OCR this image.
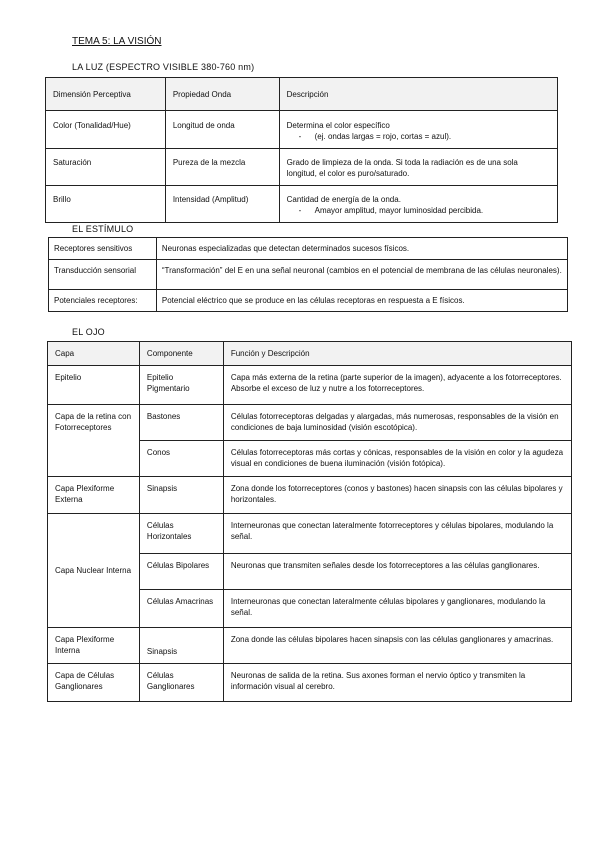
TEMA 5: LA VISIÓN
LA LUZ (ESPECTRO VISIBLE 380-760 nm)
Dimensión Perceptiva	Propiedad Onda	Descripción
Color (Tonalidad/Hue)	Longitud de onda	Determina el color específico
- (ej. ondas largas = rojo, cortas = azul).

Saturación	Pureza de la mezcla	Grado de limpieza de la onda. Si toda la radiación es de una sola longitud, el color es puro/saturado.
Brillo	Intensidad (Amplitud)	Cantidad de energía de la onda.
- Amayor amplitud, mayor luminosidad percibida.
EL ESTÍMULO
Receptores sensitivos	Neuronas especializadas que detectan determinados sucesos físicos.
Transducción sensorial	“Transformación” del E en una señal neuronal (cambios en el potencial de membrana de las células neuronales).
Potenciales receptores:	Potencial eléctrico que se produce en las células receptoras en respuesta a E físicos.
EL OJO
Capa	Componente	Función y Descripción
Epitelio	Epitelio Pigmentario	Capa más externa de la retina (parte superior de la imagen), adyacente a los fotorreceptores. Absorbe el exceso de luz y nutre a los fotorreceptores.
Capa de la retina con Fotorreceptores	Bastones	Células fotorreceptoras delgadas y alargadas, más numerosas, responsables de la visión en condiciones de baja luminosidad (visión escotópica).
	Conos	Células fotorreceptoras más cortas y cónicas, responsables de la visión en color y la agudeza visual en condiciones de buena iluminación (visión fotópica).
Capa Plexiforme Externa	Sinapsis	Zona donde los fotorreceptores (conos y bastones) hacen sinapsis con las células bipolares y horizontales.
Capa Nuclear Interna	Células Horizontales	Interneuronas que conectan lateralmente fotorreceptores y células bipolares, modulando la señal.
	Células Bipolares	Neuronas que transmiten señales desde los fotorreceptores a las células ganglionares.
	Células Amacrinas	Interneuronas que conectan lateralmente células bipolares y ganglionares, modulando la señal.
Capa Plexiforme Interna	Sinapsis	Zona donde las células bipolares hacen sinapsis con las células ganglionares y amacrinas.
Capa de Células Ganglionares	Células Ganglionares	Neuronas de salida de la retina. Sus axones forman el nervio óptico y transmiten la información visual al cerebro.
